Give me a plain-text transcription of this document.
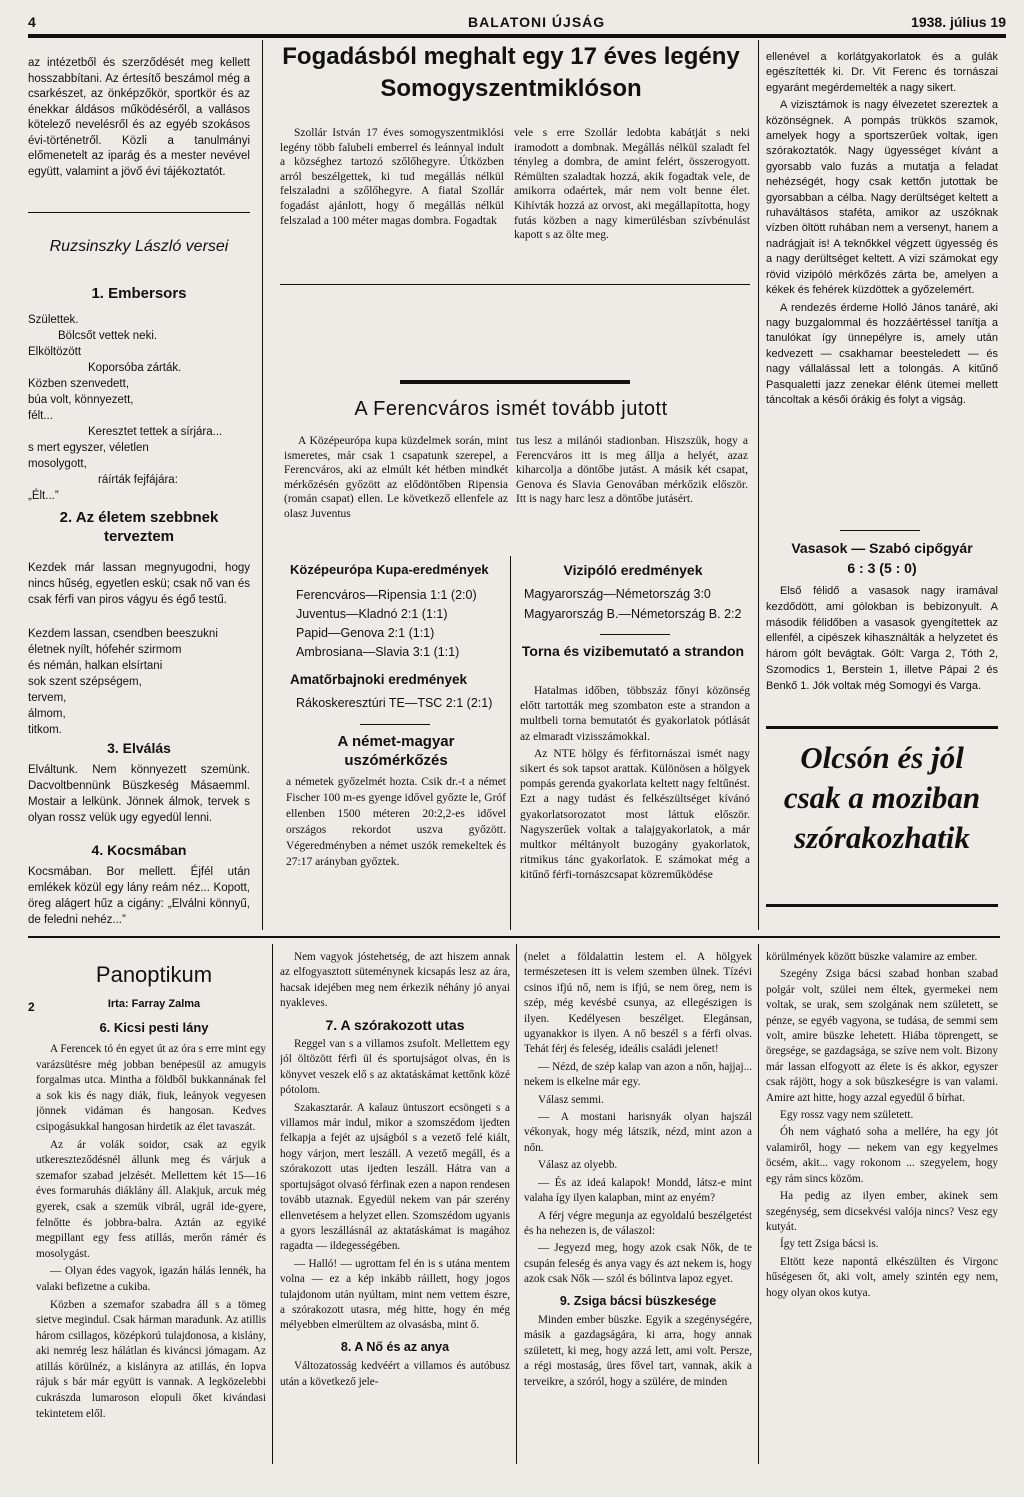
4	BALATONI ÚJSÁG	1938. július 19

az intézetből és szerződését meg kellett hosszabbítani. Az értesítő beszámol még a csarkészet, az önképzőkör, sportkör és az énekkar áldásos működéséről, a vallásos kötelező nevelésről és az egyéb szokásos évi-történetről. Közli a tanulmányi előmenetelt az iparág és a mester nevével együtt, valamint a jövő évi tájékoztatót.

Ruzsinszky László versei
1. Embersors
Születtek.
Bölcsőt vettek neki.
Elköltözött
Koporsóba zárták.
Közben szenvedett,
búa volt, könnyezett,
félt...
Keresztet tettek a sírjára...
s mert egyszer, véletlen
mosolygott,
ráírták fejfájára:
„Élt...”
2. Az életem szebbnek terveztem
Kezdek már lassan megnyugodni, hogy nincs hűség, egyetlen eskü; csak nő van és csak férfi van piros vágyu és égő testű.
Kezdem lassan, csendben beeszukni
életnek nyílt, hófehér szirmom
és némán, halkan elsírtani
sok szent szépségem,
tervem,
álmom,
titkom.
3. Elválás
Elváltunk. Nem könnyezett szemünk. Dacvoltbennünk Büszkeség Másaemml. Mostair a lelkünk. Jönnek álmok, tervek s olyan rossz velük ugy egyedül lenni.
4. Kocsmában
Kocsmában. Bor mellett. Éjfél után emlékek közül egy lány reám néz... Kopott, öreg alágert hűz a cigány: „Elválni könnyű, de feledni nehéz...”
Fogadásból meghalt egy 17 éves legény
Somogyszentmiklóson

Szollár István 17 éves somogyszentmiklósi legény több falubeli emberrel és leánnyal indult a községhez tartozó szőlőhegyre. Útközben arról beszélgettek, ki tud megállás nélkül felszaladni a szőlőhegyre. A fiatal Szollár fogadást ajánlott, hogy ő megállás nélkül felszalad a 100 méter magas dombra. Fogadtak

vele s erre Szollár ledobta kabátját s neki iramodott a dombnak. Megállás nélkül szaladt fel tényleg a dombra, de amint felért, összerogyott. Rémülten szaladtak hozzá, akik fogadtak vele, de amikorra odaértek, már nem volt benne élet. Kihívták hozzá az orvost, aki megállapította, hogy futás közben a nagy kimerülésban szívbénulást kapott s az ölte meg.

A Ferencváros ismét tovább jutott

A Középeurópa kupa küzdelmek során, mint ismeretes, már csak 1 csapatunk szerepel, a Ferencváros, aki az elmúlt két hétben mindkét mérkőzésén győzött az elődöntőben Ripensia (román csapat) ellen. Le következő ellenfele az olasz Juventus

tus lesz a milánói stadionban. Hiszszük, hogy a Ferencváros itt is meg állja a helyét, azaz kiharcolja a döntőbe jutást. A másik két csapat, Genova és Slavia Genovában mérkőzik először. Itt is nagy harc lesz a döntőbe jutásért.

Középeurópa Kupa-eredmények
Ferencváros—Ripensia 1:1 (2:0)
Juventus—Kladnó 2:1 (1:1)
Papid—Genova 2:1 (1:1)
Ambrosiana—Slavia 3:1 (1:1)
Amatőrbajnoki eredmények
Rákoskeresztúri TE—TSC 2:1 (2:1)
A német-magyar uszómérkőzés

a németek győzelmét hozta. Csik dr.-t a német Fischer 100 m-es gyenge idővel győzte le, Gróf ellenben 1500 méteren 20:2,2-es idővel országos rekordot uszva győzött. Végeredményben a német uszók remekeltek és 27:17 arányban győztek.

Vizipóló eredmények
Magyarország—Németország 3:0
Magyarország B.—Németország B. 2:2
Torna és vizibemutató a strandon

Hatalmas időben, többszáz főnyi közönség előtt tartották meg szombaton este a strandon a multbeli torna bemutatót és gyakorlatok pótlását az elmaradt vizisszámokkal.

Az NTE hölgy és férfitornászai ismét nagy sikert és sok tapsot arattak. Különösen a hölgyek pompás gerenda gyakorlata keltett nagy feltűnést. Ezt a nagy tudást és felkészültséget kívánó gyakorlatsorozatot most láttuk először. Nagyszerűek voltak a talajgyakorlatok, a már multkor méltányolt buzogány gyakorlatok, ritmikus tánc gyakorlatok. E számokat még a kitűnő férfi-tornászcsapat közreműködése

ellenével a korlátgyakorlatok és a gulák egészítették ki. Dr. Vit Ferenc és tornászai egyaránt megérdemelték a nagy sikert.

A vizisztámok is nagy élvezetet szereztek a közönségnek. A pompás trükkös szamok, amelyek hogy a sportszerűek voltak, igen szórakoztatók. Nagy ügyességet kívánt a gyorsabb valo fuzás a mutatja a feladat nehézségét, hogy csak kettőn jutottak be gyorsabban a célba. Nagy derültséget keltett a ruhaváltásos staféta, amikor az uszóknak vízben öltött ruhában nem a versenyt, hanem a nadrágjait is! A teknőkkel végzett ügyesség és a nagy derültséget keltett. A vizi számokat egy rövid vizipóló mérkőzés zárta be, amelyen a kékek és fehérek küzdöttek a győzelemért.

A rendezés érdeme Holló János tanáré, aki nagy buzgalommal és hozzáértéssel tanítja a tanulókat így ünnepélyre is, amely után kedvezett — csakhamar beesteledett — és nagy vállalással lett a tolongás. A kitűnő Pasqualetti jazz zenekar élénk ütemei mellett táncoltak a késői órákig és folyt a vigság.

Vasasok — Szabó cipőgyár
6 : 3 (5 : 0)

Első félidő a vasasok nagy iramával kezdődött, ami gólokban is bebizonyult. A második félidőben a vasasok gyengítettek az ellenfél, a cipészek kihasználták a helyzetet és három gólt bevágtak. Gólt: Varga 2, Tóth 2, Szomodics 1, Berstein 1, illetve Pápai 2 és Benkő 1. Jók voltak még Somogyi és Varga.

Olcsón és jól
csak a moziban
szórakozhatik
2
Panoptikum
Irta: Farray Zalma
6. Kicsi pesti lány

A Ferencek tó én egyet út az óra s erre mint egy varázsütésre még jobban benépesül az amugyis forgalmas utca. Mintha a földből bukkannának fel a sok kis és nagy diák, fiuk, leányok vegyesen jönnek vidáman és hangosan. Kedves csipogásukkal hangosan hirdetik az élet tavaszát.

Az ár volák soidor, csak az egyik utkereszteződésnél állunk meg és várjuk a szemafor szabad jelzését. Mellettem két 15—16 éves formaruhás diáklány áll. Alakjuk, arcuk még gyerek, csak a szemük vibrál, ugrál ide-gyere, felnőtte és jobbra-balra. Aztán az egyiké megpillant egy fess atillás, merőn rámér és mosolygást.

— Olyan édes vagyok, igazán hálás lennék, ha valaki befizetne a cukiba.

Közben a szemafor szabadra áll s a tömeg sietve megindul. Csak hárman maradunk. Az atillis három csillagos, középkorú tulajdonosa, a kislány, aki nemrég lesz hálátlan és kiváncsi jómagam. Az atillás körülnéz, a kislányra az atillás, én lopva rájuk s bár már együtt is vannak. A legközelebbi cukrászda lumaroson elopuli őket kivándasi tekintetem elől.

Nem vagyok jóstehetség, de azt hiszem annak az elfogyasztott süteménynek kicsapás lesz az ára, hacsak idejében meg nem érkezik néhány jó anyai nyakleves.

7. A szórakozott utas

Reggel van s a villamos zsufolt. Mellettem egy jól öltözött férfi ül és sportujságot olvas, én is könyvet veszek elő s az aktatáskámat kettőnk közé pótolom.

Szakasztarár. A kalauz üntuszort ecsöngeti s a villamos már indul, mikor a szomszédom ijedten felkapja a fejét az ujságból s a vezető felé kiált, hogy várjon, mert leszáll. A vezető megáll, és a szórakozott utas ijedten leszáll. Hátra van a sportujságot olvasó férfinak ezen a napon rendesen tovább utaznak. Egyedül nekem van pár szerény ellenvetésem a helyzet ellen. Szomszédom ugyanis a gyors leszállásnál az aktatáskámat is magához ragadta — ildegességében.

— Halló! — ugrottam fel én is s utána mentem volna — ez a kép inkább ráillett, hogy jogos tulajdonom után nyúltam, mint nem vettem észre, a szórakozott utasra, még hitte, hogy én még mélyebben elmerültem az olvasásba, mint ő.

8. A Nő és az anya

Változatosság kedvéért a villamos és autóbusz után a következő jele-

(nelet a földalattin lestem el. A hölgyek természetesen itt is velem szemben ülnek. Tízévi csinos ifjú nő, nem is ifjú, se nem öreg, nem is szép, még kevésbé csunya, az ellegészigen is ilyen. Kedélyesen beszélget. Elegánsan, ugyanakkor is ilyen. A nő beszél s a férfi olvas. Tehát férj és feleség, ideális családi jelenet!

— Nézd, de szép kalap van azon a nőn, hajjaj... nekem is elkelne már egy.

Válasz semmi.

— A mostani harisnyák olyan hajszál vékonyak, hogy még látszik, nézd, mint azon a nőn.

Válasz az olyebb.

— És az ideá kalapok! Mondd, látsz-e mint valaha így ilyen kalapban, mint az enyém?

A férj végre megunja az egyoldalú beszélgetést és ha nehezen is, de válaszol:

— Jegyezd meg, hogy azok csak Nők, de te csupán feleség és anya vagy és azt nekem is, hogy azok csak Nők — szól és bólintva lapoz egyet.

9. Zsiga bácsi büszkesége

Minden ember büszke. Egyik a szegénységére, másik a gazdagságára, ki arra, hogy annak született, ki meg, hogy azzá lett, ami volt. Persze, a régi mostaság, üres fővel tart, vannak, akik a terveikre, a szóról, hogy a szülére, de minden

körülmények között büszke valamire az ember.

Szegény Zsiga bácsi szabad honban szabad polgár volt, szülei nem éltek, gyermekei nem voltak, se urak, sem szolgának nem született, se pénze, se egyéb vagyona, se tudása, de semmi sem volt, amire büszke lehetett. Hiába töprengett, se öregsége, se gazdagsága, se szíve nem volt. Bizony már lassan elfogyott az élete is és akkor, egyszer csak rájött, hogy a sok büszkeségre is van valami. Amire azt hitte, hogy azzal egyedül ő bírhat.

Egy rossz vagy nem született.

Óh nem vágható soha a mellére, ha egy jót valamiről, hogy — nekem van egy kegyelmes öcsém, akit... vagy rokonom ... szegyelem, hogy egy rám sincs közöm.

Ha pedig az ilyen ember, akinek sem szegénység, sem dicsekvési valója nincs? Vesz egy kutyát.

Így tett Zsiga bácsi is.

Eltött keze napontá elkészülten és Virgonc hűségesen őt, aki volt, amely szintén egy nem, hogy olyan okos kutya.
